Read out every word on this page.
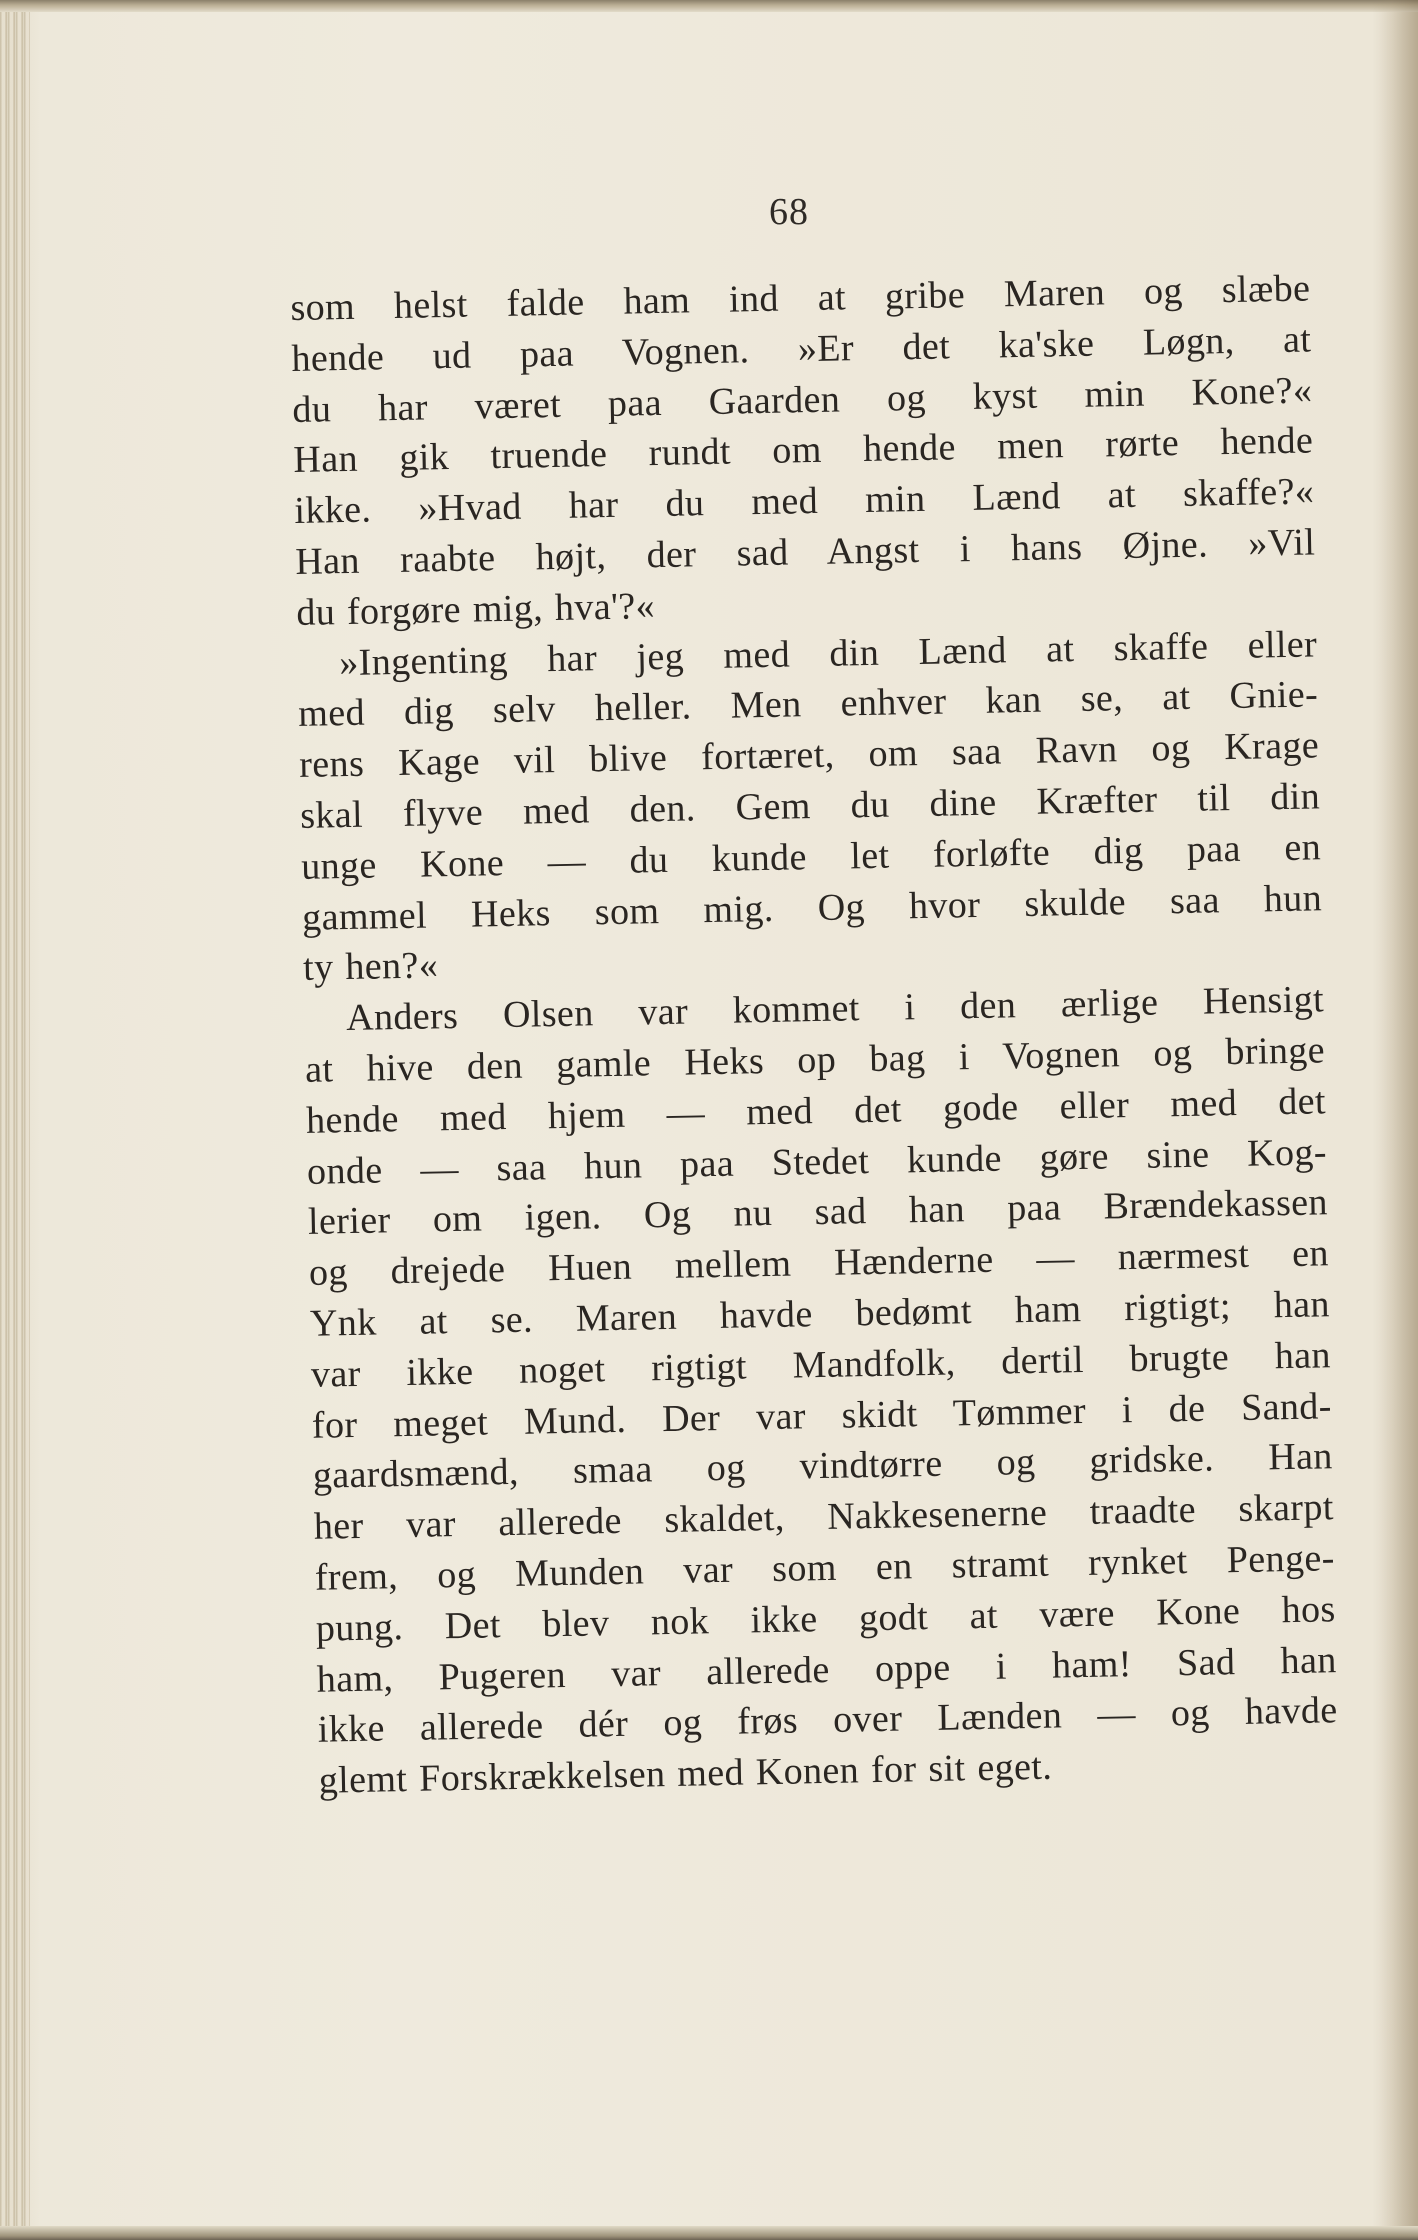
68
som helst falde ham ind at gribe Maren og slæbe
hende ud paa Vognen. »Er det ka'ske Løgn, at
du har været paa Gaarden og kyst min Kone?«
Han gik truende rundt om hende men rørte hende
ikke. »Hvad har du med min Lænd at skaffe?«
Han raabte højt, der sad Angst i hans Øjne. »Vil
du forgøre mig, hva'?«
»Ingenting har jeg med din Lænd at skaffe eller
med dig selv heller. Men enhver kan se, at Gnie-
rens Kage vil blive fortæret, om saa Ravn og Krage
skal flyve med den. Gem du dine Kræfter til din
unge Kone — du kunde let forløfte dig paa en
gammel Heks som mig. Og hvor skulde saa hun
ty hen?«
Anders Olsen var kommet i den ærlige Hensigt
at hive den gamle Heks op bag i Vognen og bringe
hende med hjem — med det gode eller med det
onde — saa hun paa Stedet kunde gøre sine Kog-
lerier om igen. Og nu sad han paa Brændekassen
og drejede Huen mellem Hænderne — nærmest en
Ynk at se. Maren havde bedømt ham rigtigt; han
var ikke noget rigtigt Mandfolk, dertil brugte han
for meget Mund. Der var skidt Tømmer i de Sand-
gaardsmænd, smaa og vindtørre og gridske. Han
her var allerede skaldet, Nakkesenerne traadte skarpt
frem, og Munden var som en stramt rynket Penge-
pung. Det blev nok ikke godt at være Kone hos
ham, Pugeren var allerede oppe i ham! Sad han
ikke allerede dér og frøs over Lænden — og havde
glemt Forskrækkelsen med Konen for sit eget.
